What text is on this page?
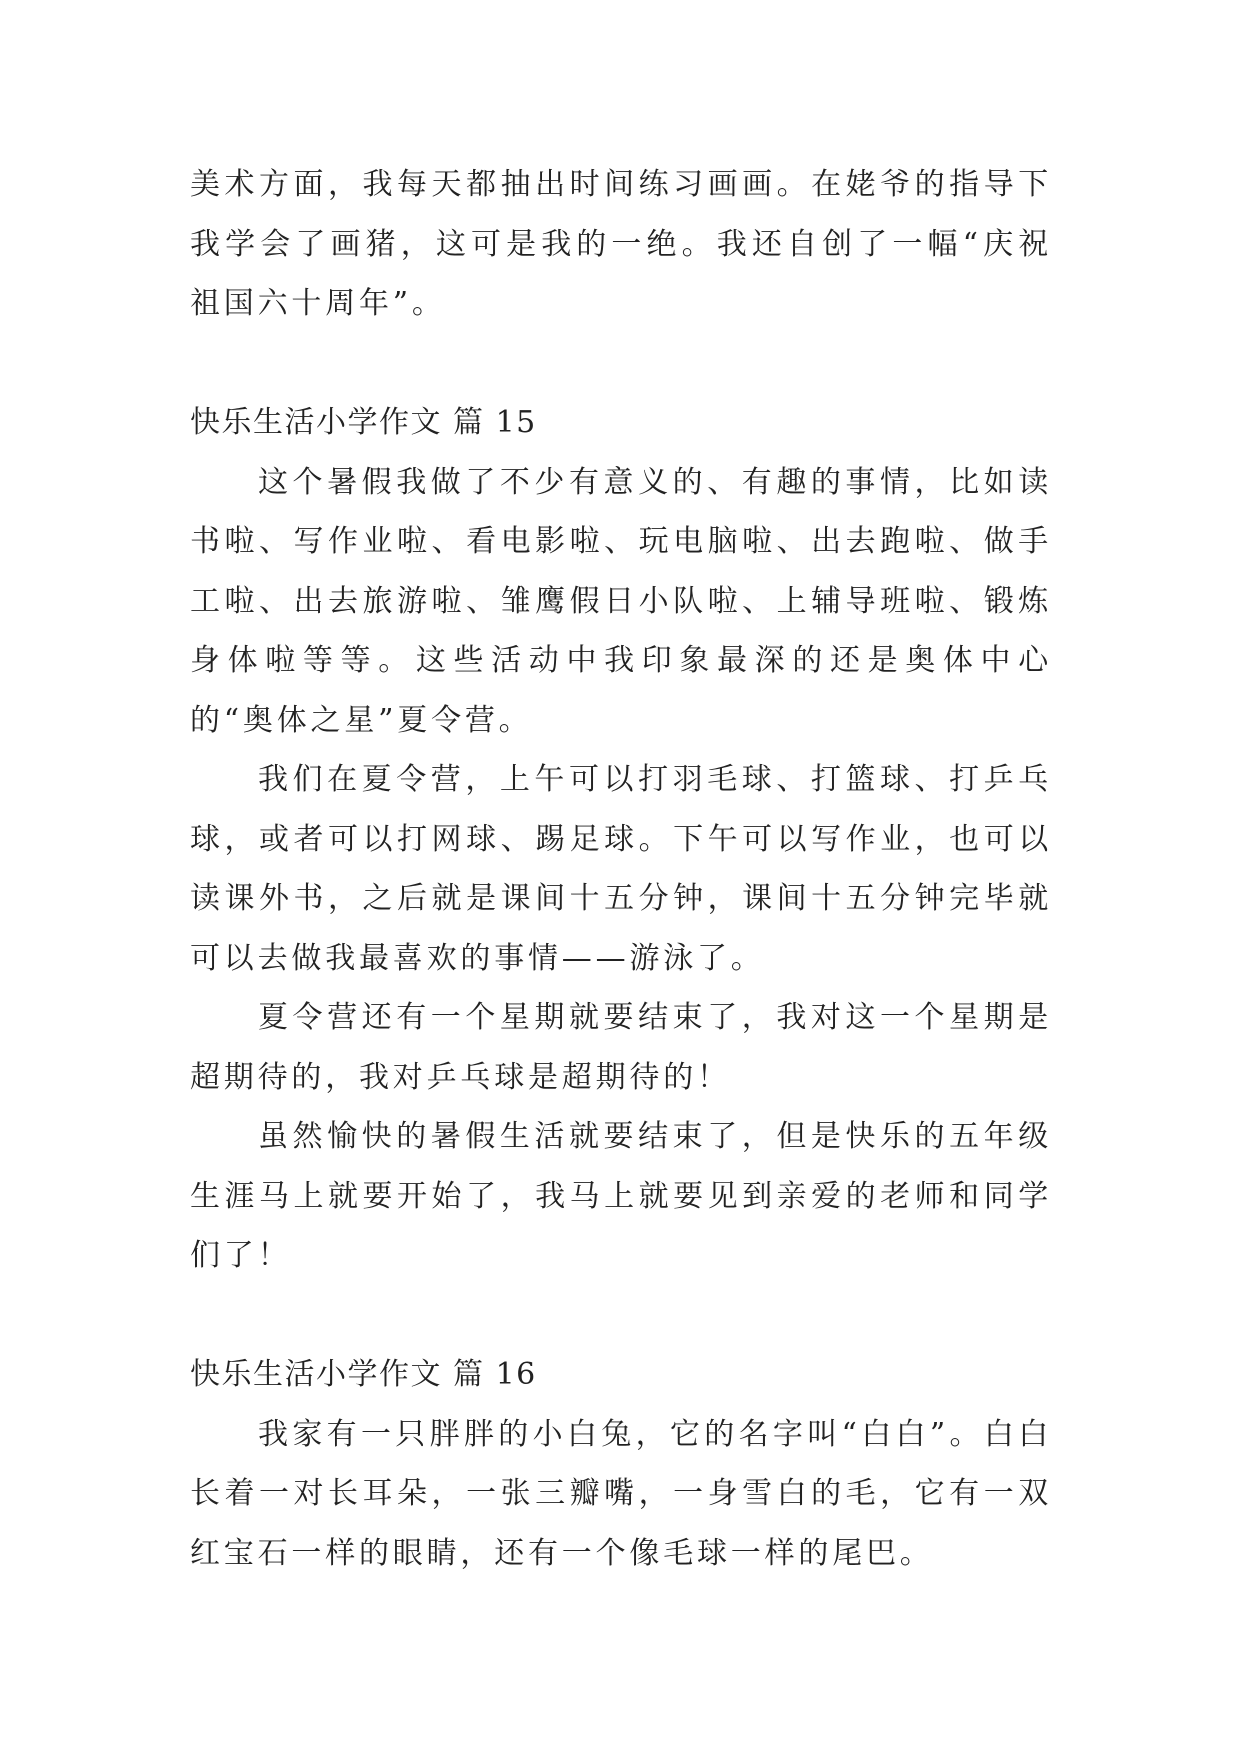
美术方面，我每天都抽出时间练习画画。在姥爷的指导下我学会了画猪，这可是我的一绝。我还自创了一幅“庆祝祖国六十周年”。

快乐生活小学作文 篇 15

这个暑假我做了不少有意义的、有趣的事情，比如读书啦、写作业啦、看电影啦、玩电脑啦、出去跑啦、做手工啦、出去旅游啦、雏鹰假日小队啦、上辅导班啦、锻炼身体啦等等。这些活动中我印象最深的还是奥体中心的“奥体之星”夏令营。

我们在夏令营，上午可以打羽毛球、打篮球、打乒乓球，或者可以打网球、踢足球。下午可以写作业，也可以读课外书，之后就是课间十五分钟，课间十五分钟完毕就可以去做我最喜欢的事情——游泳了。

夏令营还有一个星期就要结束了，我对这一个星期是超期待的，我对乒乓球是超期待的！

虽然愉快的暑假生活就要结束了，但是快乐的五年级生涯马上就要开始了，我马上就要见到亲爱的老师和同学们了！

快乐生活小学作文 篇 16

我家有一只胖胖的小白兔，它的名字叫“白白”。白白长着一对长耳朵，一张三瓣嘴，一身雪白的毛，它有一双红宝石一样的眼睛，还有一个像毛球一样的尾巴。
